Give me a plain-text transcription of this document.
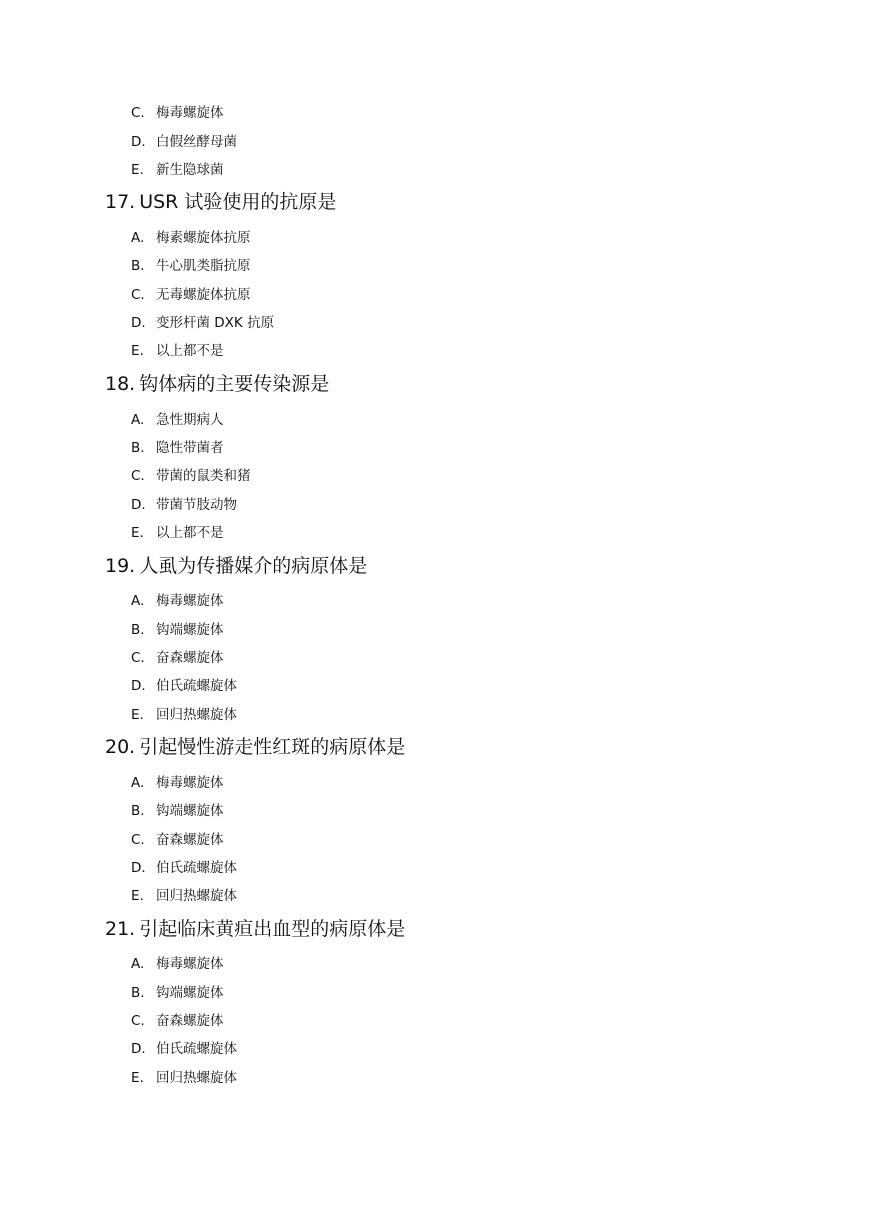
C. 梅毒螺旋体
D. 白假丝酵母菌
E. 新生隐球菌
17. USR 试验使用的抗原是
A. 梅素螺旋体抗原
B. 牛心肌类脂抗原
C. 无毒螺旋体抗原
D. 变形杆菌 DXK 抗原
E. 以上都不是
18. 钩体病的主要传染源是
A. 急性期病人
B. 隐性带菌者
C. 带菌的鼠类和猪
D. 带菌节肢动物
E. 以上都不是
19. 人虱为传播媒介的病原体是
A. 梅毒螺旋体
B. 钩端螺旋体
C. 奋森螺旋体
D. 伯氏疏螺旋体
E. 回归热螺旋体
20. 引起慢性游走性红斑的病原体是
A. 梅毒螺旋体
B. 钩端螺旋体
C. 奋森螺旋体
D. 伯氏疏螺旋体
E. 回归热螺旋体
21. 引起临床黄疸出血型的病原体是
A. 梅毒螺旋体
B. 钩端螺旋体
C. 奋森螺旋体
D. 伯氏疏螺旋体
E. 回归热螺旋体
